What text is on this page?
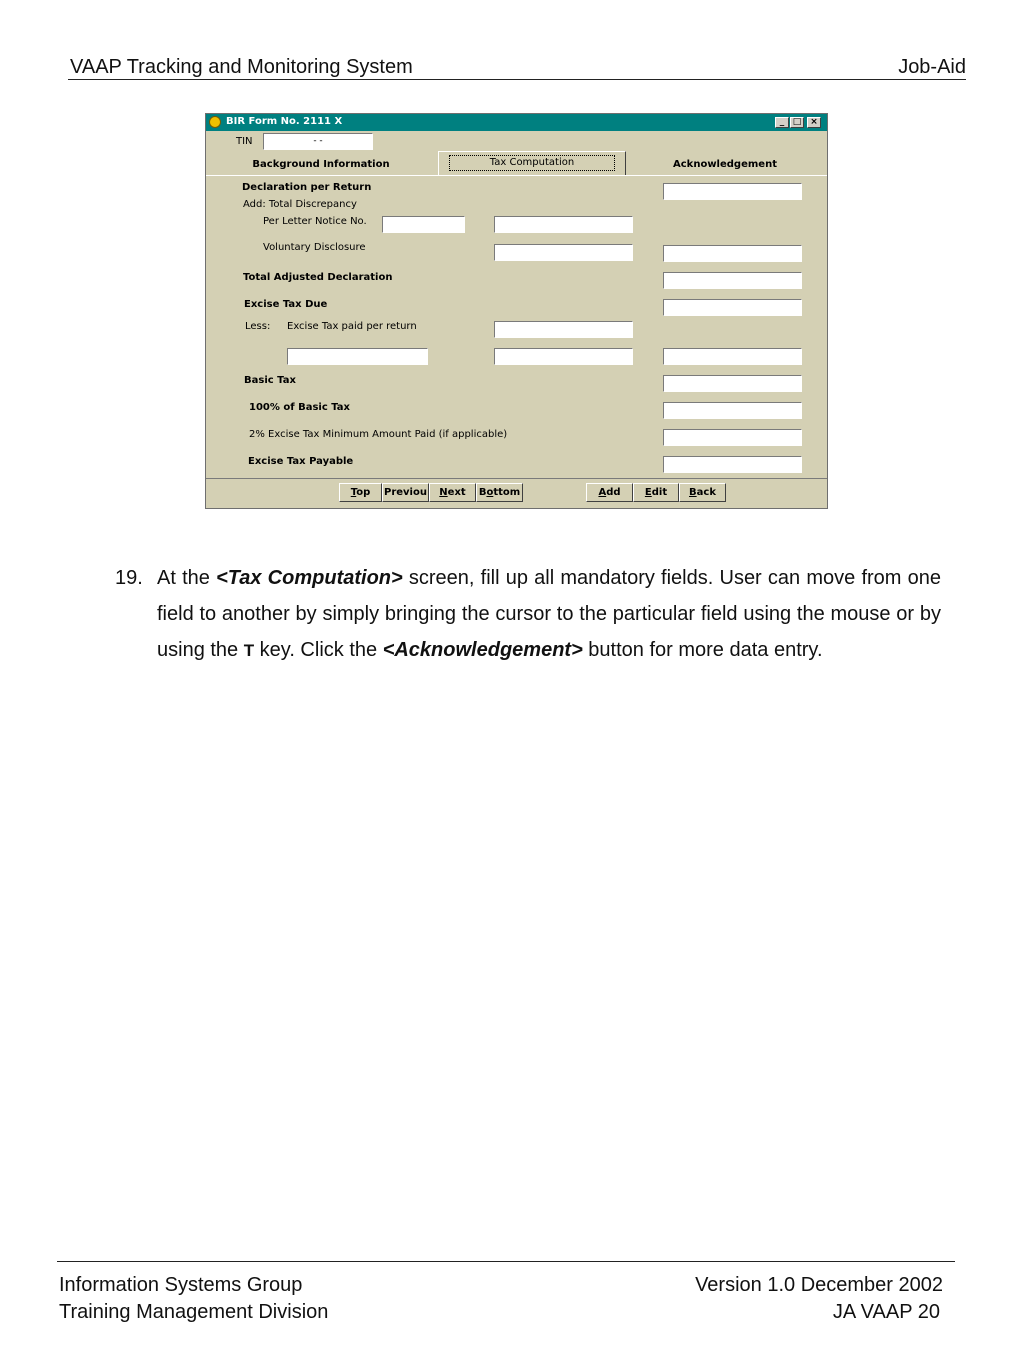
VAAP Tracking and Monitoring System	Job-Aid
BIR Form No. 2111 X	_ □ ×
TIN	- -
Background Information	Tax Computation	Acknowledgement
Declaration per Return
Add: Total Discrepancy
Per Letter Notice No.
Voluntary Disclosure
Total Adjusted Declaration
Excise Tax Due
Less: Excise Tax paid per return
Basic Tax
100% of Basic Tax
2% Excise Tax Minimum Amount Paid (if applicable)
Excise Tax Payable
Top	Previou	Next	Bottom	Add	Edit	Back
19. At the <Tax Computation> screen, fill up all mandatory fields. User can move from one field to another by simply bringing the cursor to the particular field using the mouse or by using the T key. Click the <Acknowledgement> button for more data entry.
Information Systems Group
Training Management Division
Version 1.0 December 2002
JA VAAP 20
